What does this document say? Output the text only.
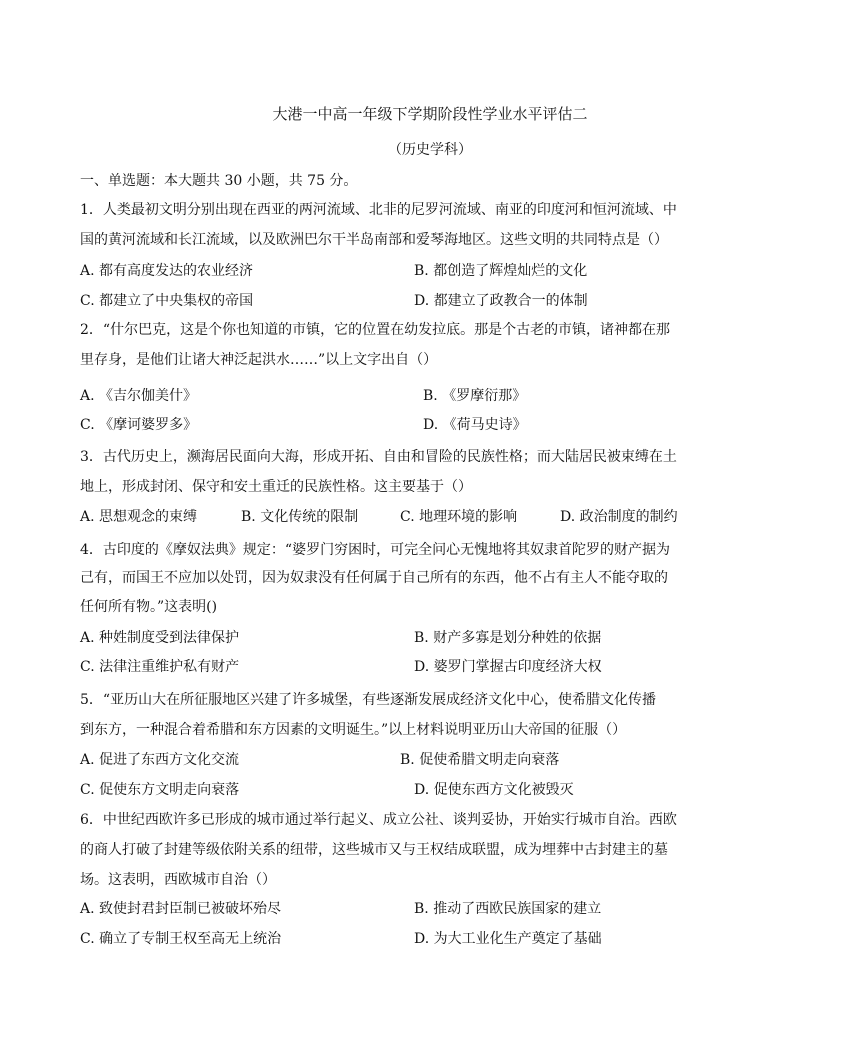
大港一中高一年级下学期阶段性学业水平评估二
（历史学科）
一、单选题：本大题共 30 小题，共 75 分。
1．人类最初文明分别出现在西亚的两河流域、北非的尼罗河流域、南亚的印度河和恒河流域、中
国的黄河流域和长江流域，以及欧洲巴尔干半岛南部和爱琴海地区。这些文明的共同特点是（）
A. 都有高度发达的农业经济	B. 都创造了辉煌灿烂的文化
C. 都建立了中央集权的帝国	D. 都建立了政教合一的体制
2．“什尔巴克，这是个你也知道的市镇，它的位置在幼发拉底。那是个古老的市镇，诸神都在那
里存身，是他们让诸大神泛起洪水……”以上文字出自（）
A. 《吉尔伽美什》	B. 《罗摩衍那》
C. 《摩诃婆罗多》	D. 《荷马史诗》
3．古代历史上，濒海居民面向大海，形成开拓、自由和冒险的民族性格；而大陆居民被束缚在土
地上，形成封闭、保守和安土重迁的民族性格。这主要基于（）
A. 思想观念的束缚	B. 文化传统的限制	C. 地理环境的影响	D. 政治制度的制约
4．古印度的《摩奴法典》规定：“婆罗门穷困时，可完全问心无愧地将其奴隶首陀罗的财产据为
己有，而国王不应加以处罚，因为奴隶没有任何属于自己所有的东西，他不占有主人不能夺取的
任何所有物。”这表明()
A. 种姓制度受到法律保护	B. 财产多寡是划分种姓的依据
C. 法律注重维护私有财产	D. 婆罗门掌握古印度经济大权
5．“亚历山大在所征服地区兴建了许多城堡，有些逐渐发展成经济文化中心，使希腊文化传播
到东方，一种混合着希腊和东方因素的文明诞生。”以上材料说明亚历山大帝国的征服（）
A. 促进了东西方文化交流	B. 促使希腊文明走向衰落
C. 促使东方文明走向衰落	D. 促使东西方文化被毁灭
6．中世纪西欧许多已形成的城市通过举行起义、成立公社、谈判妥协，开始实行城市自治。西欧
的商人打破了封建等级依附关系的纽带，这些城市又与王权结成联盟，成为埋葬中古封建主的墓
场。这表明，西欧城市自治（）
A. 致使封君封臣制已被破坏殆尽	B. 推动了西欧民族国家的建立
C. 确立了专制王权至高无上统治	D. 为大工业化生产奠定了基础
